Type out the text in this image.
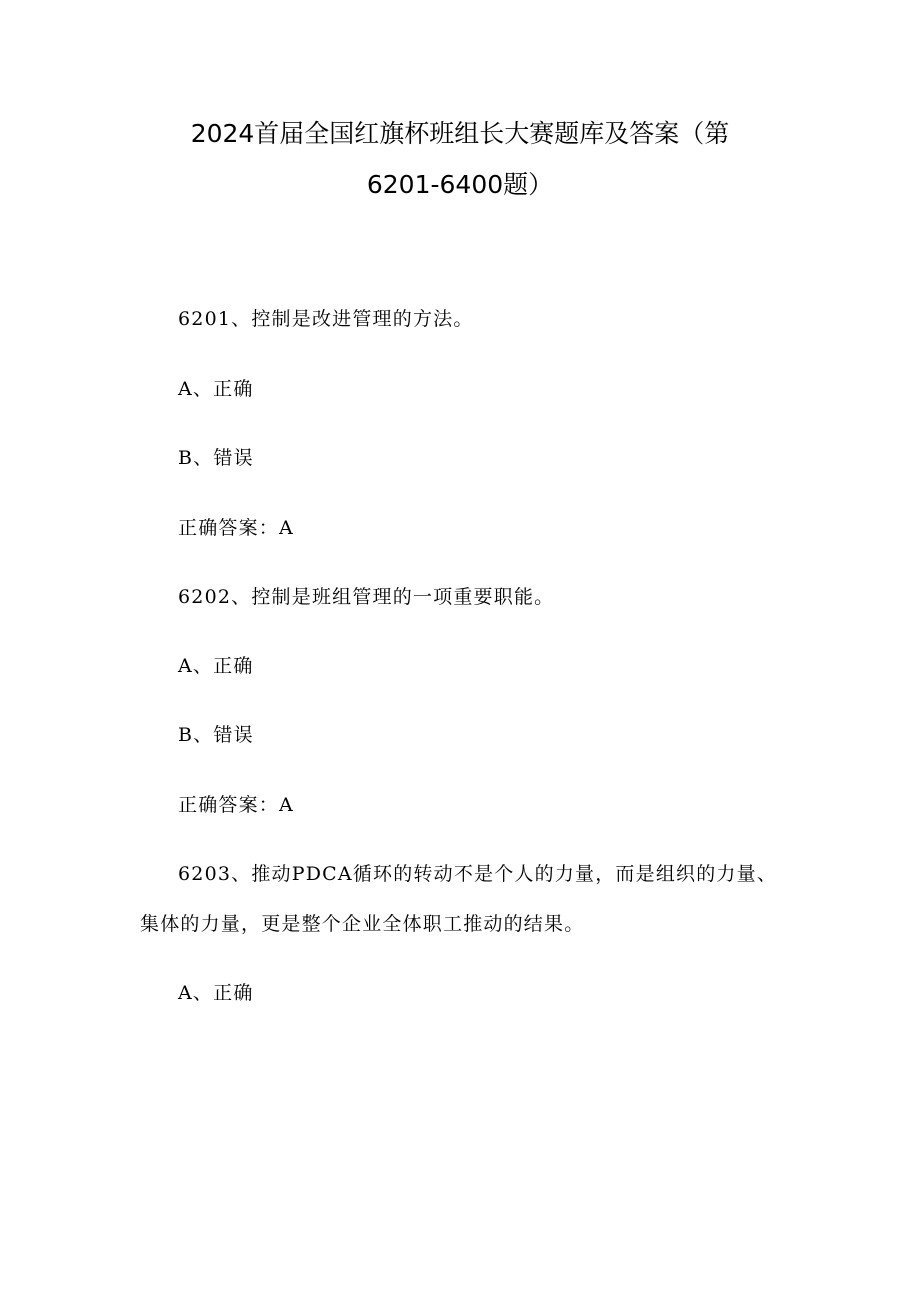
2024首届全国红旗杯班组长大赛题库及答案（第
6201-6400题）
6201、控制是改进管理的方法。
A、正确
B、错误
正确答案：A
6202、控制是班组管理的一项重要职能。
A、正确
B、错误
正确答案：A
6203、推动PDCA循环的转动不是个人的力量，而是组织的力量、
集体的力量，更是整个企业全体职工推动的结果。
A、正确
